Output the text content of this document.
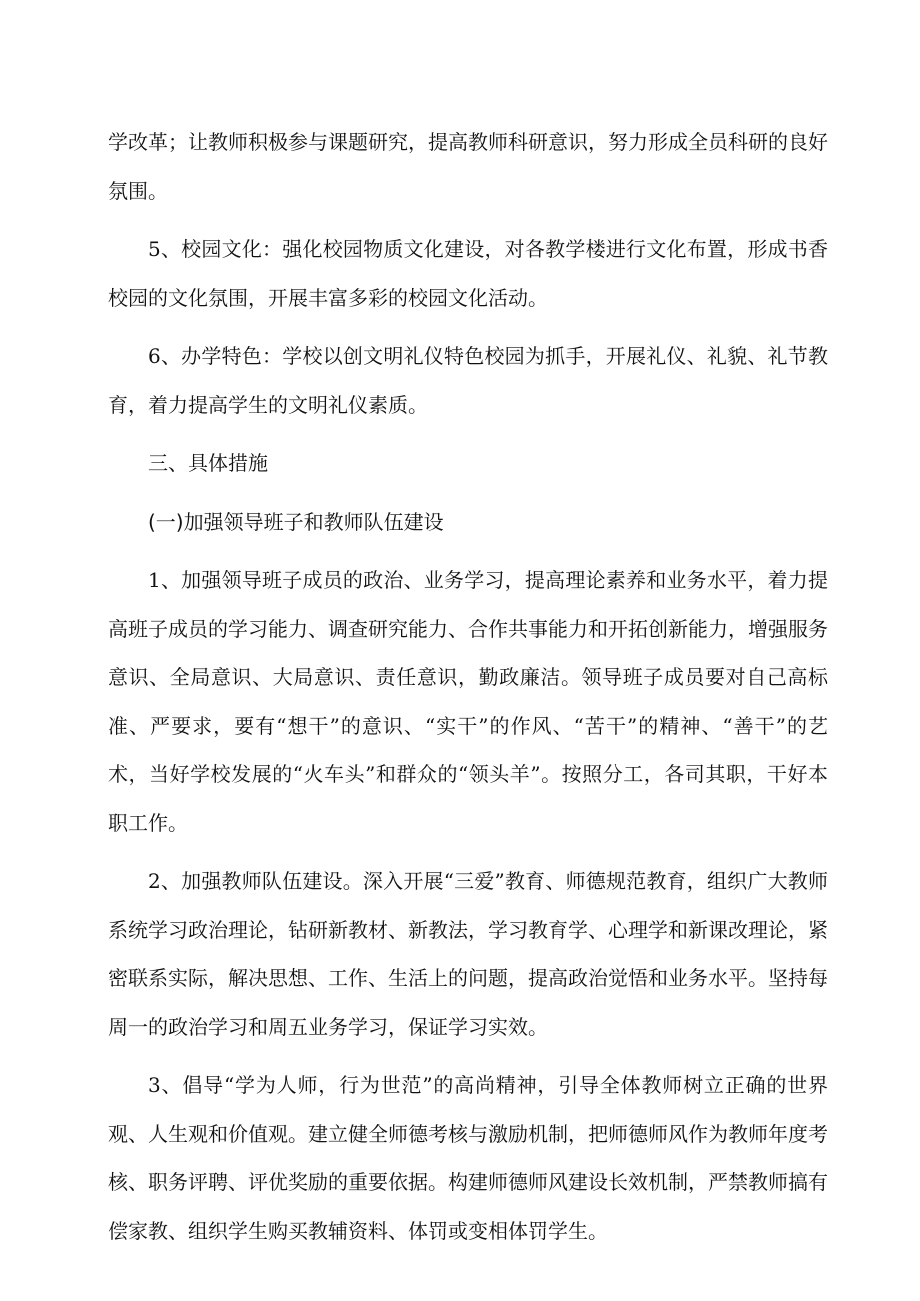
学改革；让教师积极参与课题研究，提高教师科研意识，努力形成全员科研的良好氛围。

5、校园文化：强化校园物质文化建设，对各教学楼进行文化布置，形成书香校园的文化氛围，开展丰富多彩的校园文化活动。

6、办学特色：学校以创文明礼仪特色校园为抓手，开展礼仪、礼貌、礼节教育，着力提高学生的文明礼仪素质。

三、具体措施

(一)加强领导班子和教师队伍建设

1、加强领导班子成员的政治、业务学习，提高理论素养和业务水平，着力提高班子成员的学习能力、调查研究能力、合作共事能力和开拓创新能力，增强服务意识、全局意识、大局意识、责任意识，勤政廉洁。领导班子成员要对自己高标准、严要求，要有“想干”的意识、“实干”的作风、“苦干”的精神、“善干”的艺术，当好学校发展的“火车头”和群众的“领头羊”。按照分工，各司其职，干好本职工作。

2、加强教师队伍建设。深入开展“三爱”教育、师德规范教育，组织广大教师系统学习政治理论，钻研新教材、新教法，学习教育学、心理学和新课改理论，紧密联系实际，解决思想、工作、生活上的问题，提高政治觉悟和业务水平。坚持每周一的政治学习和周五业务学习，保证学习实效。

3、倡导“学为人师，行为世范”的高尚精神，引导全体教师树立正确的世界观、人生观和价值观。建立健全师德考核与激励机制，把师德师风作为教师年度考核、职务评聘、评优奖励的重要依据。构建师德师风建设长效机制，严禁教师搞有偿家教、组织学生购买教辅资料、体罚或变相体罚学生。
